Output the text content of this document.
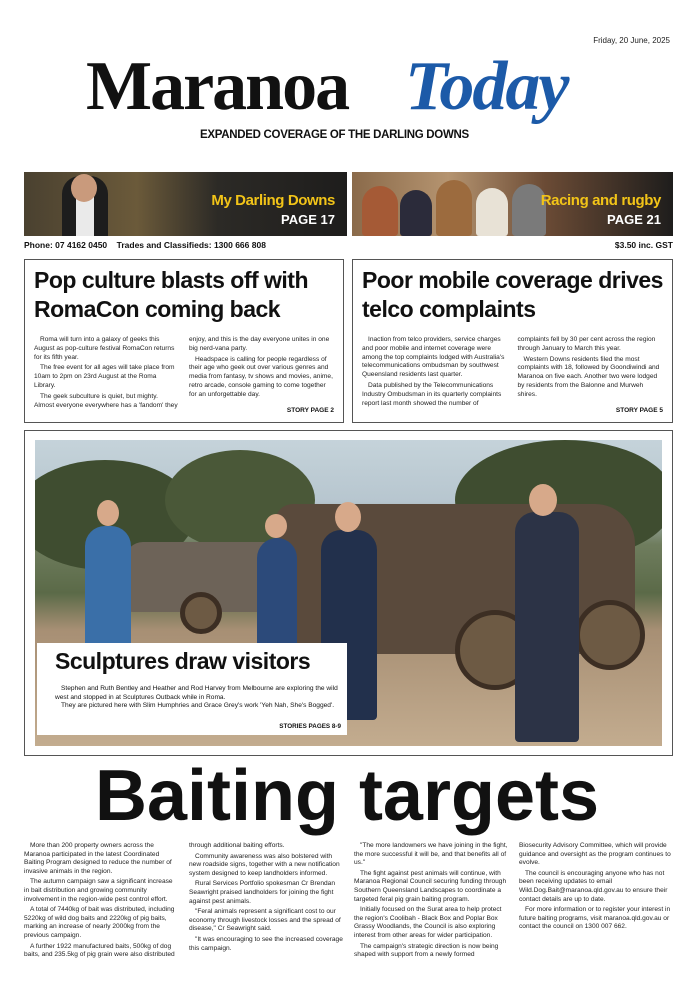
Friday, 20 June, 2025
Maranoa Today
EXPANDED COVERAGE OF THE DARLING DOWNS
My Darling Downs
PAGE 17
Racing and rugby
PAGE 21
Phone: 07 4162 0450 Trades and Classifieds: 1300 666 808	$3.50 inc. GST
Pop culture blasts off with RomaCon coming back

Roma will turn into a galaxy of geeks this August as pop-culture festival RomaCon returns for its fifth year.

The free event for all ages will take place from 10am to 2pm on 23rd August at the Roma Library.

The geek subculture is quiet, but mighty. Almost everyone everywhere has a 'fandom' they enjoy, and this is the day everyone unites in one big nerd-vana party.

Headspace is calling for people regardless of their age who geek out over various genres and media from fantasy, tv shows and movies, anime, retro arcade, console gaming to come together for an unforgettable day.

STORY PAGE 2
Poor mobile coverage drives telco complaints

Inaction from telco providers, service charges and poor mobile and internet coverage were among the top complaints lodged with Australia's telecommunications ombudsman by southwest Queensland residents last quarter.

Data published by the Telecommunications Industry Ombudsman in its quarterly complaints report last month showed the number of complaints fell by 30 per cent across the region through January to March this year.

Western Downs residents filed the most complaints with 18, followed by Goondiwindi and Maranoa on five each. Another two were lodged by residents from the Balonne and Murweh shires.

STORY PAGE 5
Sculptures draw visitors

Stephen and Ruth Bentley and Heather and Rod Harvey from Melbourne are exploring the wild west and stopped in at Sculptures Outback while in Roma.

They are pictured here with Slim Humphries and Grace Grey's work 'Yeh Nah, She's Bogged'.

STORIES PAGES 8-9
Baiting targets

More than 200 property owners across the Maranoa participated in the latest Coordinated Baiting Program designed to reduce the number of invasive animals in the region.

The autumn campaign saw a significant increase in bait distribution and growing community involvement in the region-wide pest control effort.

A total of 7440kg of bait was distributed, including 5220kg of wild dog baits and 2220kg of pig baits, marking an increase of nearly 2000kg from the previous campaign.

A further 1922 manufactured baits, 500kg of dog baits, and 235.5kg of pig grain were also distributed through additional baiting efforts.

Community awareness was also bolstered with new roadside signs, together with a new notification system designed to keep landholders informed.

Rural Services Portfolio spokesman Cr Brendan Seawright praised landholders for joining the fight against pest animals.

"Feral animals represent a significant cost to our economy through livestock losses and the spread of disease," Cr Seawright said.

"It was encouraging to see the increased coverage this campaign.

"The more landowners we have joining in the fight, the more successful it will be, and that benefits all of us."

The fight against pest animals will continue, with Maranoa Regional Council securing funding through Southern Queensland Landscapes to coordinate a targeted feral pig grain baiting program.

Initially focused on the Surat area to help protect the region's Coolibah - Black Box and Poplar Box Grassy Woodlands, the Council is also exploring interest from other areas for wider participation.

The campaign's strategic direction is now being shaped with support from a newly formed Biosecurity Advisory Committee, which will provide guidance and oversight as the program continues to evolve.

The council is encouraging anyone who has not been receiving updates to email Wild.Dog.Bait@maranoa.qld.gov.au to ensure their contact details are up to date.

For more information or to register your interest in future baiting programs, visit maranoa.qld.gov.au or contact the council on 1300 007 662.
